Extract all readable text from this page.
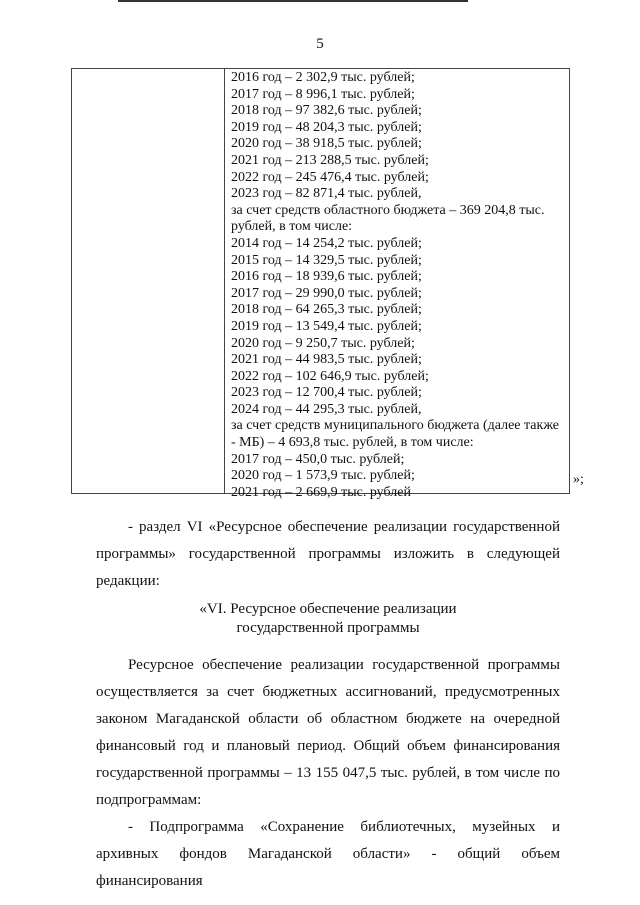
5
2016 год – 2 302,9 тыс. рублей;
2017 год – 8 996,1 тыс. рублей;
2018 год – 97 382,6 тыс. рублей;
2019 год – 48 204,3 тыс. рублей;
2020 год – 38 918,5 тыс. рублей;
2021 год – 213 288,5 тыс. рублей;
2022 год – 245 476,4 тыс. рублей;
2023 год – 82 871,4 тыс. рублей,
за счет средств областного бюджета – 369 204,8 тыс. рублей, в том числе:
2014 год – 14 254,2 тыс. рублей;
2015 год – 14 329,5 тыс. рублей;
2016 год – 18 939,6 тыс. рублей;
2017 год – 29 990,0 тыс. рублей;
2018 год – 64 265,3 тыс. рублей;
2019 год – 13 549,4 тыс. рублей;
2020 год – 9 250,7 тыс. рублей;
2021 год – 44 983,5 тыс. рублей;
2022 год – 102 646,9 тыс. рублей;
2023 год – 12 700,4 тыс. рублей;
2024 год – 44 295,3 тыс. рублей,
за счет средств муниципального бюджета (далее также - МБ) – 4 693,8 тыс. рублей, в том числе:
2017 год – 450,0 тыс. рублей;
2020 год – 1 573,9 тыс. рублей;
2021 год – 2 669,9 тыс. рублей
»;
- раздел VI «Ресурсное обеспечение реализации государственной программы» государственной программы изложить в следующей редакции:
«VI. Ресурсное обеспечение реализации
государственной программы
Ресурсное обеспечение реализации государственной программы осуществляется за счет бюджетных ассигнований, предусмотренных законом Магаданской области об областном бюджете на очередной финансовый год и плановый период. Общий объем финансирования государственной программы – 13 155 047,5 тыс. рублей, в том числе по подпрограммам:
- Подпрограмма «Сохранение библиотечных, музейных и архивных фондов Магаданской области» - общий объем финансирования
